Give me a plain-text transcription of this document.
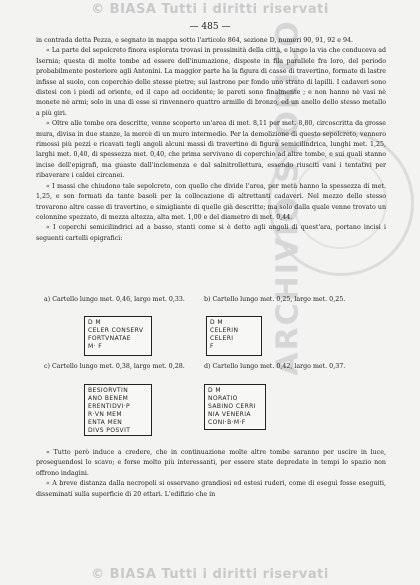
© BIASA Tutti i diritti riservati
ARCHIVIO STORICO
— 485 —

in contrada detta Pezza, e segnato in mappa sotto l'articolo 864, sezione D, numeri 90, 91, 92 e 94.

« La parte del sepolcreto finora esplorata trovasi in prossimità della città, e lungo la via che conduceva ad Isernia; questa di molte tombe ad essere dell'inumazione, disposte in fila parallele fra loro, del periodo probabilmente posteriore agli Antonini. La maggior parte ha la figura di casse di travertino, formate di lastre infisse al suolo, con coperchio delle stesse pietre; sul lastrone per fondo uno strato di lapilli. I cadaveri sono distesi con i piedi ad oriente, ed il capo ad occidente; le pareti sono finalmente ; e non hanno nè vasi nè monete nè armi; solo in una di esse si rinvennero quattro armille di bronzo, ed un anello dello stesso metallo a più giri.

« Oltre alle tombe ora descritte, venne scoperto un'area di met. 8,11 per met. 8,80, circoscritta da grosse mura, divisa in due stanze, la mercè di un muro intermedio. Per la demolizione di questo sepolcreto, vennero rimossi più pezzi e ricavati tegli angoli alcuni massi di travertino di figura semicilindrica, lunghi met. 1,25, larghi met. 0,40, di spessezza met. 0,40, che prima servivano di coperchio ad altre tombe, e sui quali stanno incise dell'epigrafi, ma guaste dall'inclemenza e dal salnitrollettura, essendo riusciti vani i tentativi per ribaverare i caldei circanei.

« I massi che chiudono tale sepolcreto, con quello che divide l'area, per metà hanno la spessezza di met. 1,25, e son formati da tante basoli per la collocazione di altrettanti cadaveri. Nel mezzo dello stesso trovarono altre casse di travertino, e simigliante di quelle già descritte; ma solo dalla quale venne trovato un colonnine spezzato, di mezza altezza, alta met. 1,00 e del diametro di met. 0,44.

« I coperchi semicilindrici ad a basso, stanti come si è detto agli angoli di quest'ara, portano incisi i seguenti cartelli epigrafici:

a) Cartello lungo met. 0,46, largo met. 0,33.
D M
CELER CONSERV
FORTVNATAE
M· F
b) Cartello lungo met. 0,25, largo met. 0,25.
D M
CELERIN
CELERI
F
c) Cartello lungo met. 0,38, largo met. 0,28.
BESIORVTIN
ANO BENEM
ERENTIDVI·P
R·VN MEM
ENTA MEN
DIVS POSVIT
d) Cartello lungo met. 0,42, largo met. 0,37.
D M
NORATIO
SABINO CERRI
NIA VENERIA
CONI·B·M·F

« Tutto però induce a credere, che in continuazione molte altre tombe saranno per uscire in luce, proseguendosi lo scavo; e forse molto più interessanti, per essere state depredate in tempi lo spazio non offrono indagini.

« A breve distanza dalla necropoli si osservano grandiosi ed estesi ruderi, come di eseguì fosse eseguiti, disseminati sulla superficie di 20 ettari. L'edifizio che in

© BIASA Tutti i diritti riservati
